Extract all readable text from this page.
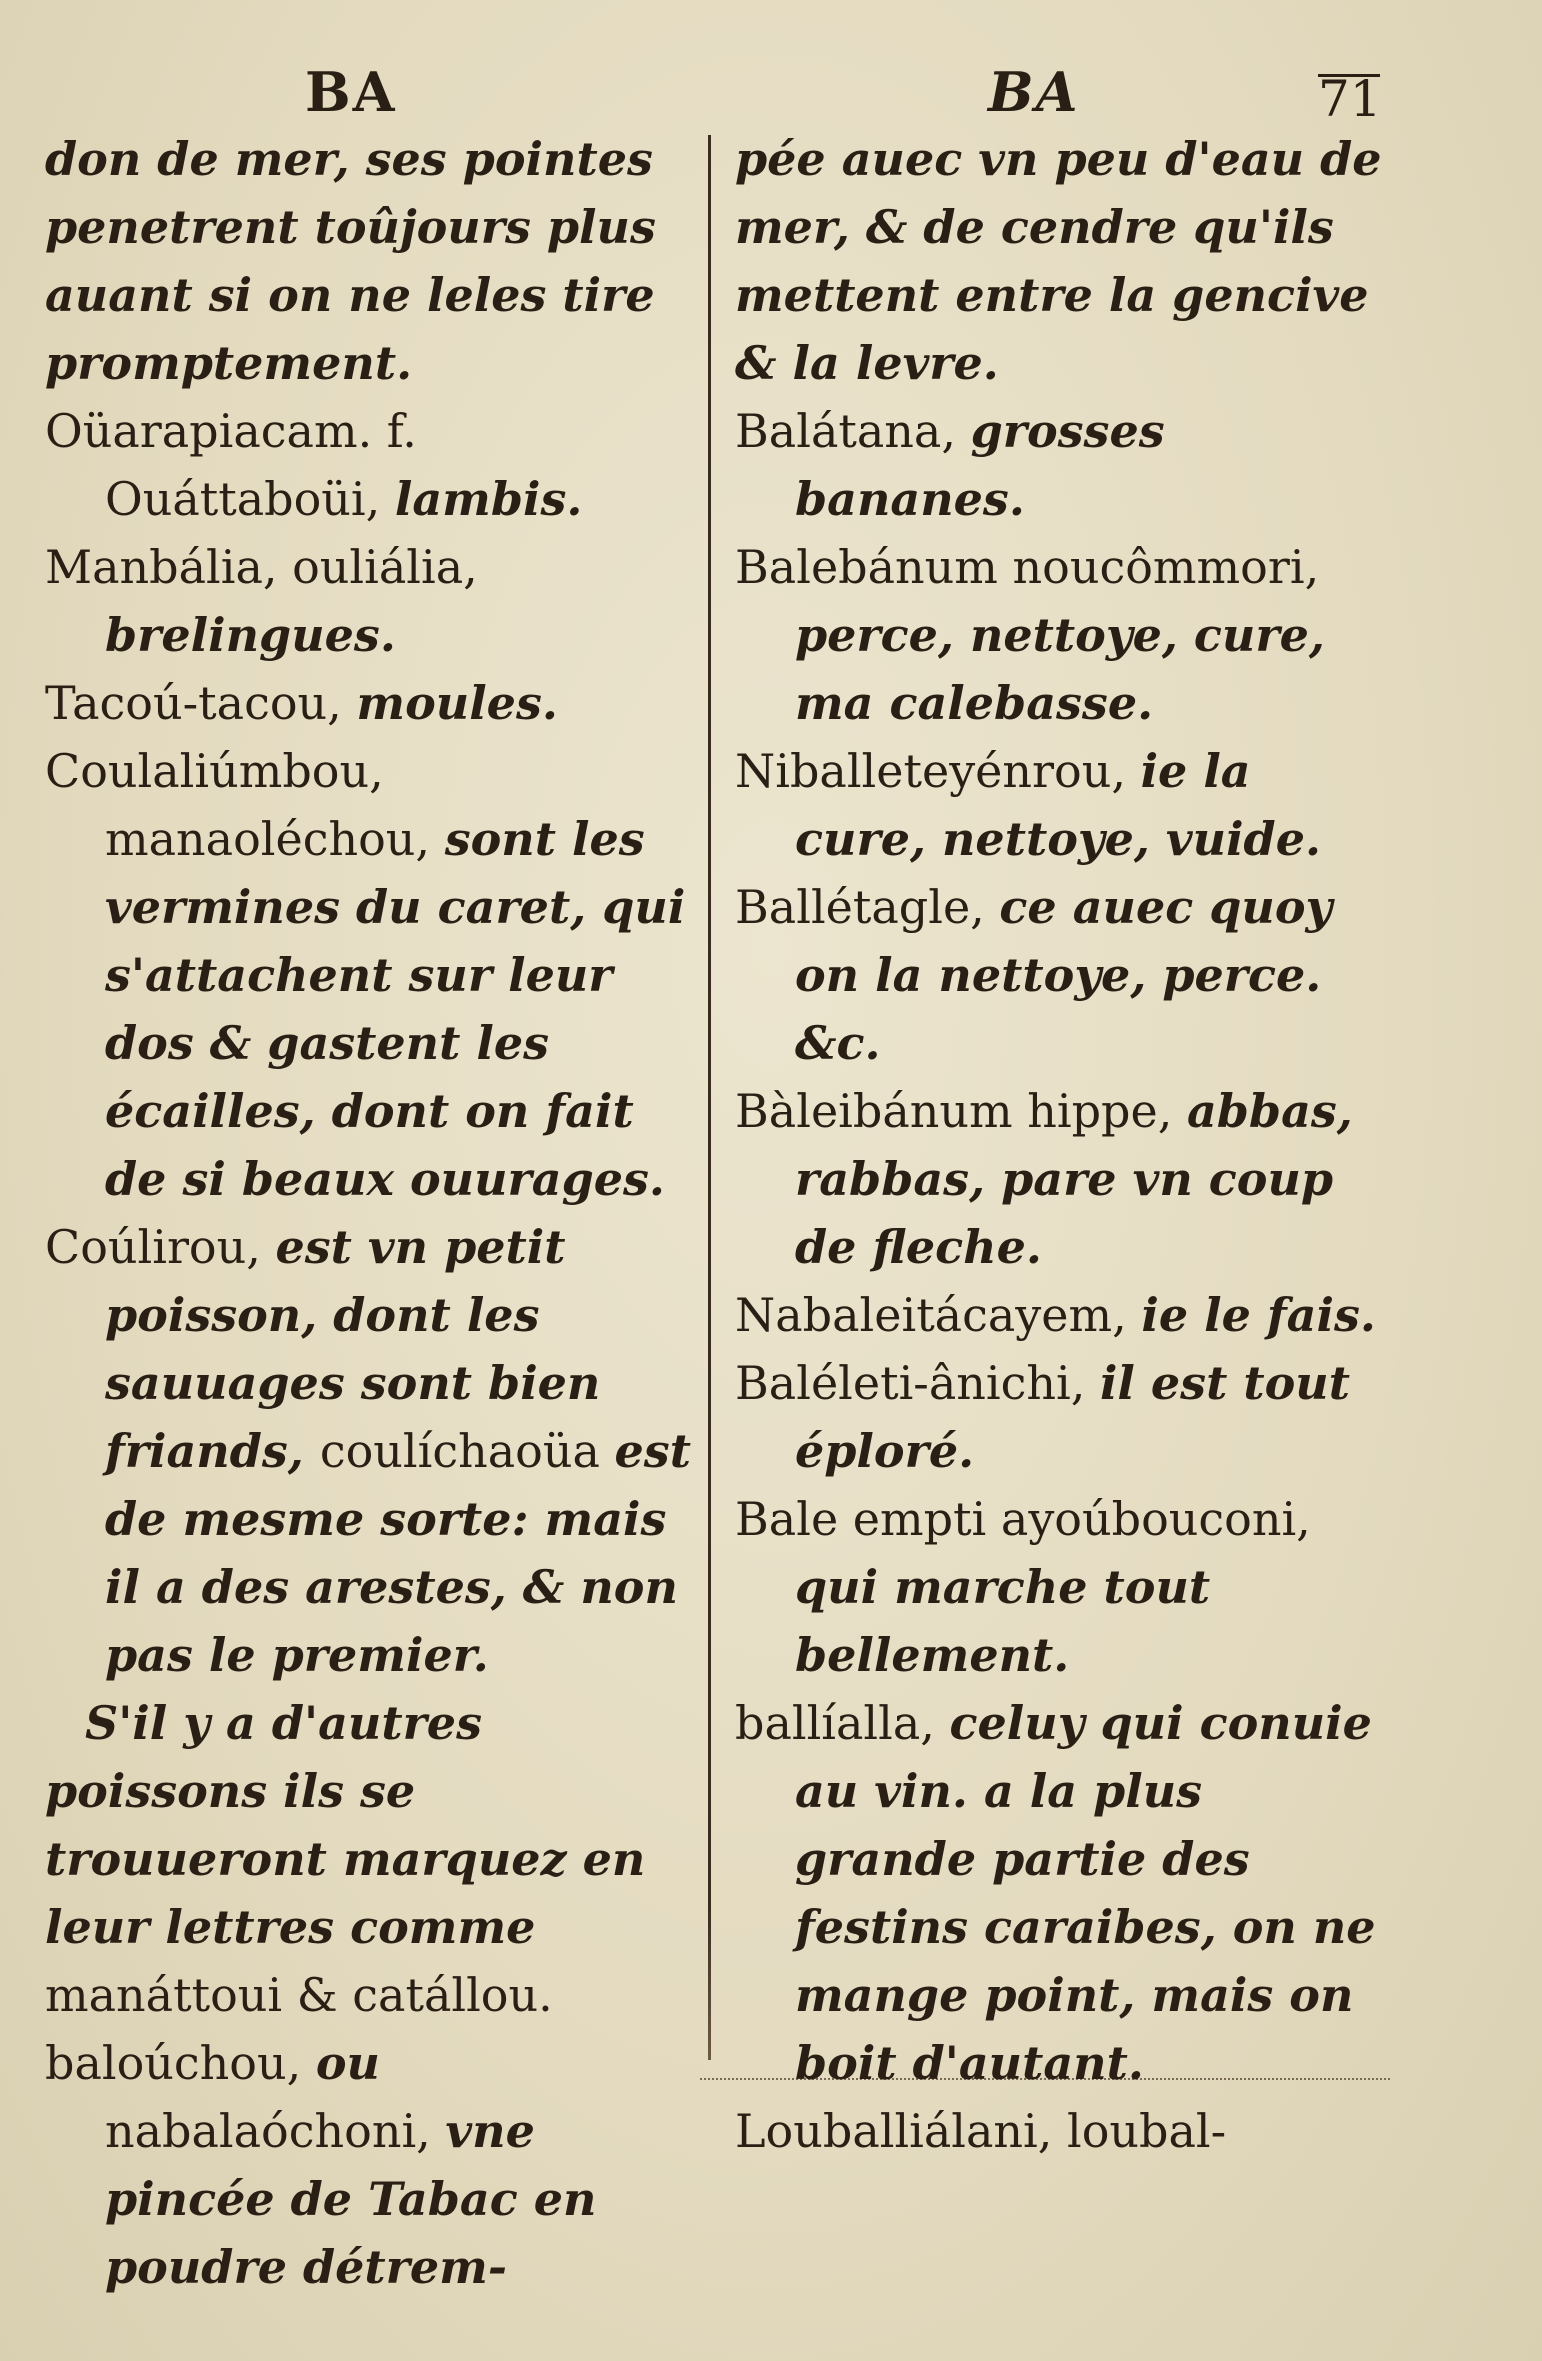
BA	BA	71
don de mer, ses pointes penetrent toûjours plus auant si on ne leles tire promptement.
Oüarapiacam. f. Ouáttaboüi, lambis.
Manbália, ouliália, brelingues.
Tacoú-tacou, moules.
Coulaliúmbou, manaoléchou, sont les vermines du caret, qui s'attachent sur leur dos & gastent les écailles, dont on fait de si beaux ouurages.
Coúlirou, est vn petit poisson, dont les sauuages sont bien friands, coulíchaoüa est de mesme sorte: mais il a des arestes, & non pas le premier.
S'il y a d'autres poissons ils se trouueront marquez en leur lettres comme manáttoui & catállou.
baloúchou, ou nabalaóchoni, vne pincée de Tabac en poudre détrem-
pée auec vn peu d'eau de mer, & de cendre qu'ils mettent entre la gencive & la levre.
Balátana, grosses bananes.
Balebánum noucômmori, perce, nettoye, cure, ma calebasse.
Niballeteyénrou, ie la cure, nettoye, vuide.
Ballétagle, ce auec quoy on la nettoye, perce. &c.
Bàleibánum hippe, abbas, rabbas, pare vn coup de fleche.
Nabaleitácayem, ie le fais.
Baléleti-ânichi, il est tout éploré.
Bale empti ayoúbouconi, qui marche tout bellement.
ballíalla, celuy qui conuie au vin. a la plus grande partie des festins caraibes, on ne mange point, mais on boit d'autant.
Louballiálani, loubal-
